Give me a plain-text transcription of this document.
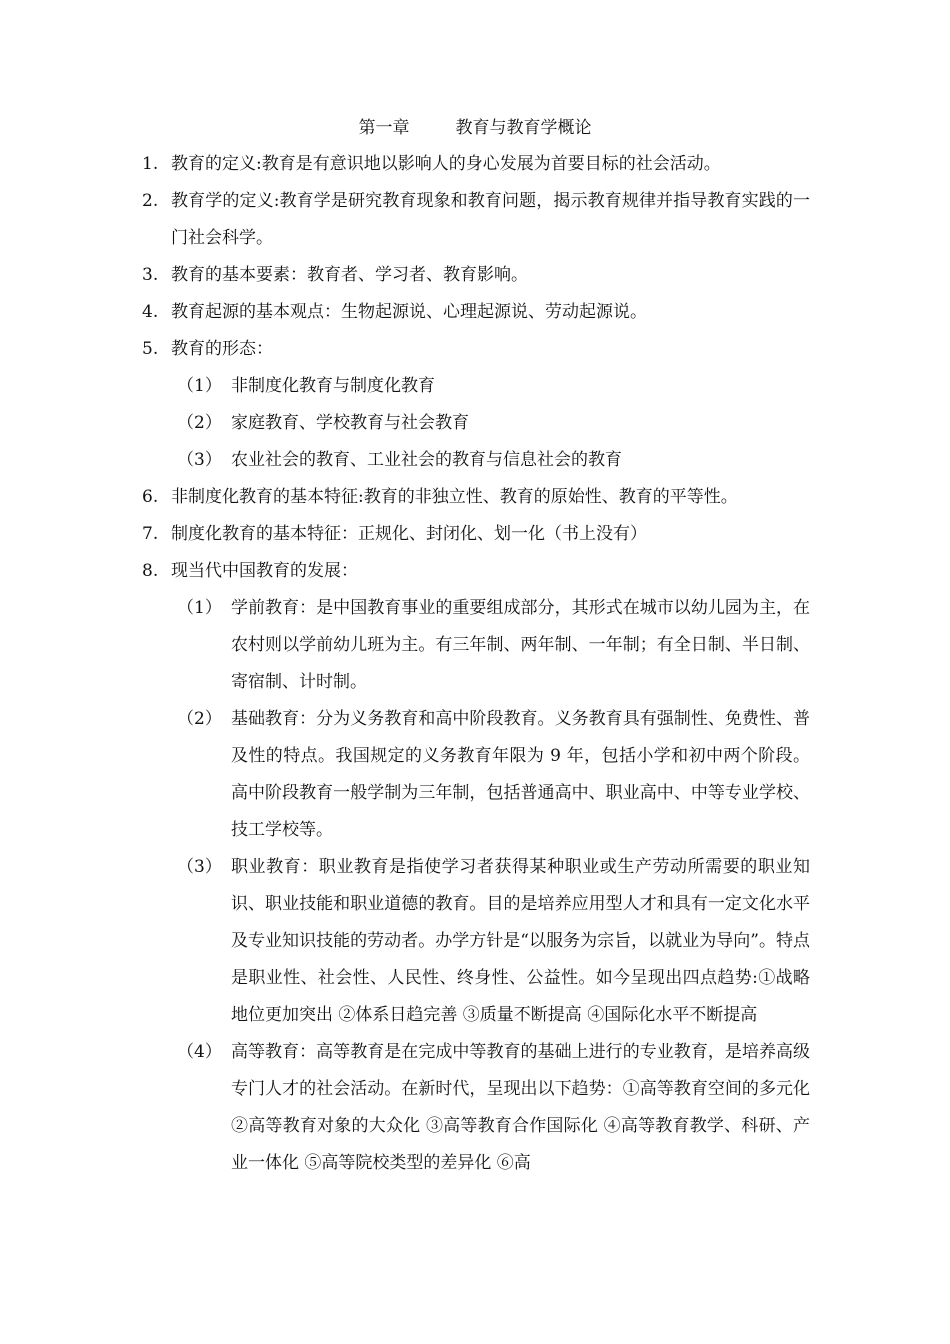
第一章	教育与教育学概论
1. 教育的定义:教育是有意识地以影响人的身心发展为首要目标的社会活动。
2. 教育学的定义:教育学是研究教育现象和教育问题，揭示教育规律并指导教育实践的一门社会科学。
3. 教育的基本要素：教育者、学习者、教育影响。
4. 教育起源的基本观点：生物起源说、心理起源说、劳动起源说。
5. 教育的形态：
（1） 非制度化教育与制度化教育
（2） 家庭教育、学校教育与社会教育
（3） 农业社会的教育、工业社会的教育与信息社会的教育
6. 非制度化教育的基本特征:教育的非独立性、教育的原始性、教育的平等性。
7. 制度化教育的基本特征：正规化、封闭化、划一化（书上没有）
8. 现当代中国教育的发展：
（1） 学前教育：是中国教育事业的重要组成部分，其形式在城市以幼儿园为主，在农村则以学前幼儿班为主。有三年制、两年制、一年制；有全日制、半日制、寄宿制、计时制。
（2） 基础教育：分为义务教育和高中阶段教育。义务教育具有强制性、免费性、普及性的特点。我国规定的义务教育年限为 9 年，包括小学和初中两个阶段。高中阶段教育一般学制为三年制，包括普通高中、职业高中、中等专业学校、技工学校等。
（3） 职业教育：职业教育是指使学习者获得某种职业或生产劳动所需要的职业知识、职业技能和职业道德的教育。目的是培养应用型人才和具有一定文化水平及专业知识技能的劳动者。办学方针是“以服务为宗旨，以就业为导向”。特点是职业性、社会性、人民性、终身性、公益性。如今呈现出四点趋势:①战略地位更加突出 ②体系日趋完善 ③质量不断提高 ④国际化水平不断提高
（4） 高等教育：高等教育是在完成中等教育的基础上进行的专业教育，是培养高级专门人才的社会活动。在新时代，呈现出以下趋势：①高等教育空间的多元化 ②高等教育对象的大众化 ③高等教育合作国际化 ④高等教育教学、科研、产业一体化 ⑤高等院校类型的差异化 ⑥高
